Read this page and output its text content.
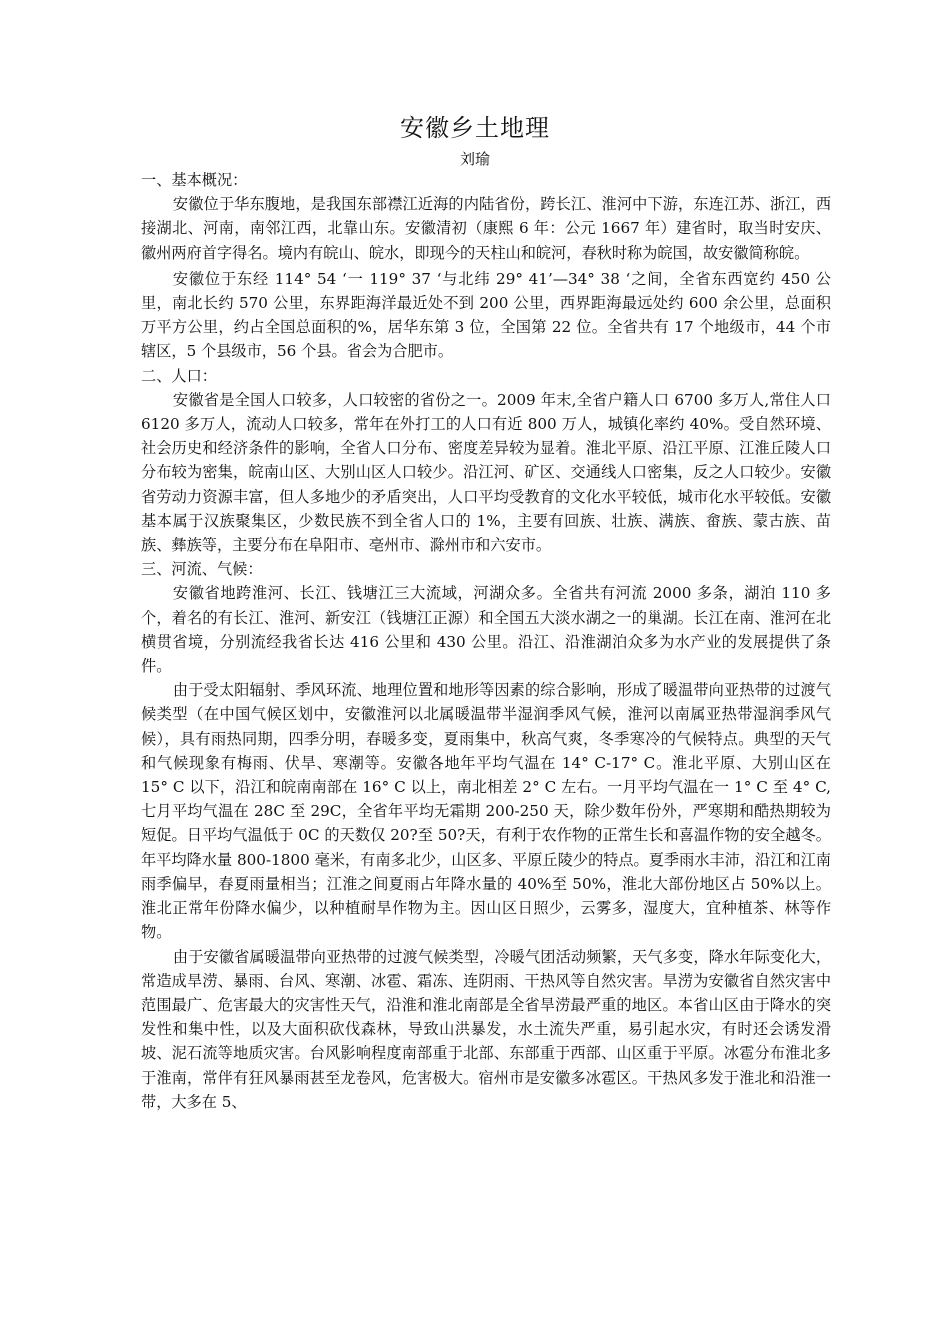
安徽乡土地理
刘瑜

一、基本概况：

安徽位于华东腹地，是我国东部襟江近海的内陆省份，跨长江、淮河中下游，东连江苏、浙江，西接湖北、河南，南邻江西，北靠山东。安徽清初（康熙 6 年：公元 1667 年）建省时，取当时安庆、徽州两府首字得名。境内有皖山、皖水，即现今的天柱山和皖河，春秋时称为皖国，故安徽简称皖。

安徽位于东经 114° 54 ‘一 119° 37 ‘与北纬 29° 41’—34° 38 ‘之间，全省东西宽约 450 公里，南北长约 570 公里，东界距海洋最近处不到 200 公里，西界距海最远处约 600 余公里，总面积万平方公里，约占全国总面积的%，居华东第 3 位，全国第 22 位。全省共有 17 个地级市，44 个市辖区，5 个县级市，56 个县。省会为合肥市。

二、人口：

安徽省是全国人口较多，人口较密的省份之一。2009 年末,全省户籍人口 6700 多万人,常住人口 6120 多万人，流动人口较多，常年在外打工的人口有近 800 万人，城镇化率约 40%。受自然环境、社会历史和经济条件的影响，全省人口分布、密度差异较为显着。淮北平原、沿江平原、江淮丘陵人口分布较为密集，皖南山区、大别山区人口较少。沿江河、矿区、交通线人口密集，反之人口较少。安徽省劳动力资源丰富，但人多地少的矛盾突出，人口平均受教育的文化水平较低，城市化水平较低。安徽基本属于汉族聚集区，少数民族不到全省人口的 1%，主要有回族、壮族、满族、畲族、蒙古族、苗族、彝族等，主要分布在阜阳市、亳州市、滁州市和六安市。

三、河流、气候：

安徽省地跨淮河、长江、钱塘江三大流域，河湖众多。全省共有河流 2000 多条，湖泊 110 多个，着名的有长江、淮河、新安江（钱塘江正源）和全国五大淡水湖之一的巢湖。长江在南、淮河在北横贯省境，分别流经我省长达 416 公里和 430 公里。沿江、沿淮湖泊众多为水产业的发展提供了条件。

由于受太阳辐射、季风环流、地理位置和地形等因素的综合影响，形成了暖温带向亚热带的过渡气候类型（在中国气候区划中，安徽淮河以北属暖温带半湿润季风气候，淮河以南属亚热带湿润季风气候），具有雨热同期，四季分明，春暖多变，夏雨集中，秋高气爽，冬季寒冷的气候特点。典型的天气和气候现象有梅雨、伏旱、寒潮等。安徽各地年平均气温在 14° C-17° C。淮北平原、大别山区在 15° C 以下，沿江和皖南南部在 16° C 以上，南北相差 2° C 左右。一月平均气温在一 1° C 至 4° C,七月平均气温在 28C 至 29C，全省年平均无霜期 200-250 天，除少数年份外，严寒期和酷热期较为短促。日平均气温低于 0C 的天数仅 20?至 50?天，有利于农作物的正常生长和喜温作物的安全越冬。年平均降水量 800-1800 毫米，有南多北少，山区多、平原丘陵少的特点。夏季雨水丰沛，沿江和江南雨季偏早，春夏雨量相当；江淮之间夏雨占年降水量的 40%至 50%，淮北大部份地区占 50%以上。淮北正常年份降水偏少，以种植耐旱作物为主。因山区日照少，云雾多，湿度大，宜种植茶、林等作物。

由于安徽省属暖温带向亚热带的过渡气候类型，冷暖气团活动频繁，天气多变，降水年际变化大，常造成旱涝、暴雨、台风、寒潮、冰雹、霜冻、连阴雨、干热风等自然灾害。旱涝为安徽省自然灾害中范围最广、危害最大的灾害性天气，沿淮和淮北南部是全省旱涝最严重的地区。本省山区由于降水的突发性和集中性，以及大面积砍伐森林，导致山洪暴发，水土流失严重，易引起水灾，有时还会诱发滑坡、泥石流等地质灾害。台风影响程度南部重于北部、东部重于西部、山区重于平原。冰雹分布淮北多于淮南，常伴有狂风暴雨甚至龙卷风，危害极大。宿州市是安徽多冰雹区。干热风多发于淮北和沿淮一带，大多在 5、
